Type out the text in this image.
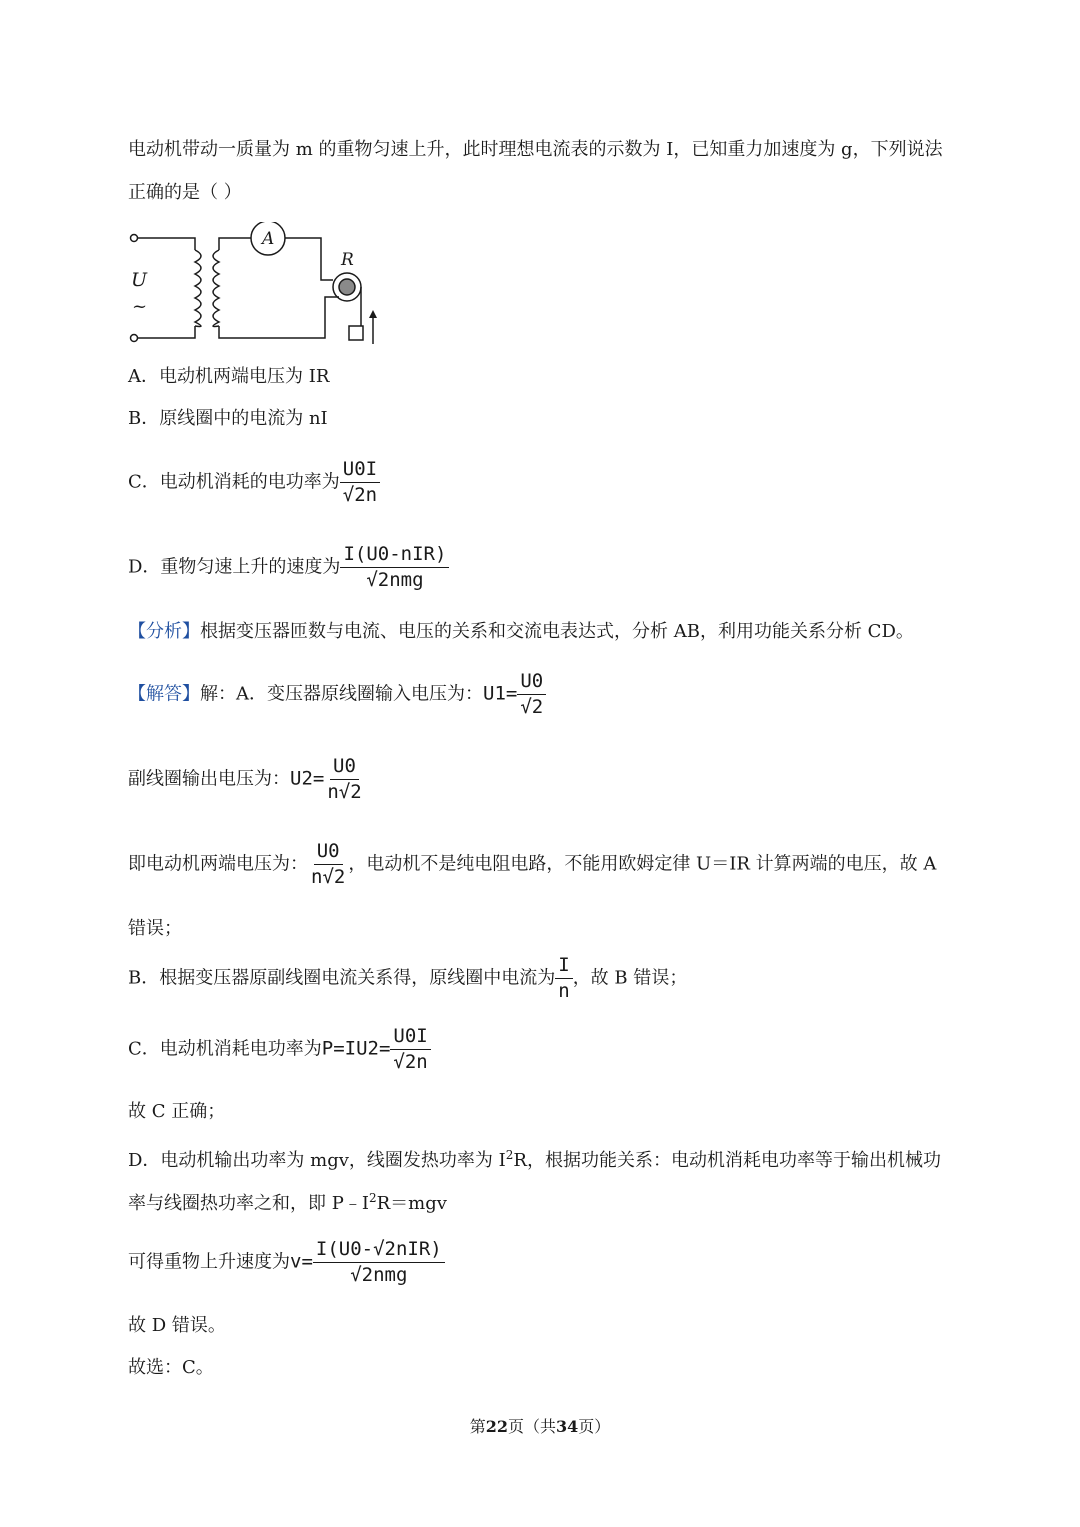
电动机带动一质量为 m 的重物匀速上升，此时理想电流表的示数为 I，已知重力加速度为 g，下列说法
正确的是（ ）
U
~
A
R
A．电动机两端电压为 IR
B．原线圈中的电流为 nI
C．电动机消耗的电功率为 $\frac{U0I}{√2n}$
D．重物匀速上升的速度为 $\frac{\text{I(U0-nIR)}}{\text{√2nmg}}$
【分析】根据变压器匝数与电流、电压的关系和交流电表达式，分析 AB，利用功能关系分析 CD。
【解答】解：A．变压器原线圈输入电压为：$U1= \frac{U0}{√2}$
副线圈输出电压为：$U2= \frac{U0}{n√2}$
即电动机两端电压为： $\frac{U0}{n√2}$ ，电动机不是纯电阻电路，不能用欧姆定律 U＝IR 计算两端的电压，故 A
错误；
B．根据变压器原副线圈电流关系得，原线圈中电流为 $\frac{I}{n}$ ，故 B 错误；
C．电动机消耗电功率为$P=IU2= \frac{U0I}{√2n}$
故 C 正确；
D．电动机输出功率为 mgv，线圈发热功率为 $I^2R$，根据功能关系：电动机消耗电功率等于输出机械功
率与线圈热功率之和，即 $P﹣I^2R=mgv$
可得重物上升速度为$v= \frac{\text{I(U0-√2nIR)}}{\text{√2nmg}}$
故 D 错误。
故选：C。
第22页（共34页）
